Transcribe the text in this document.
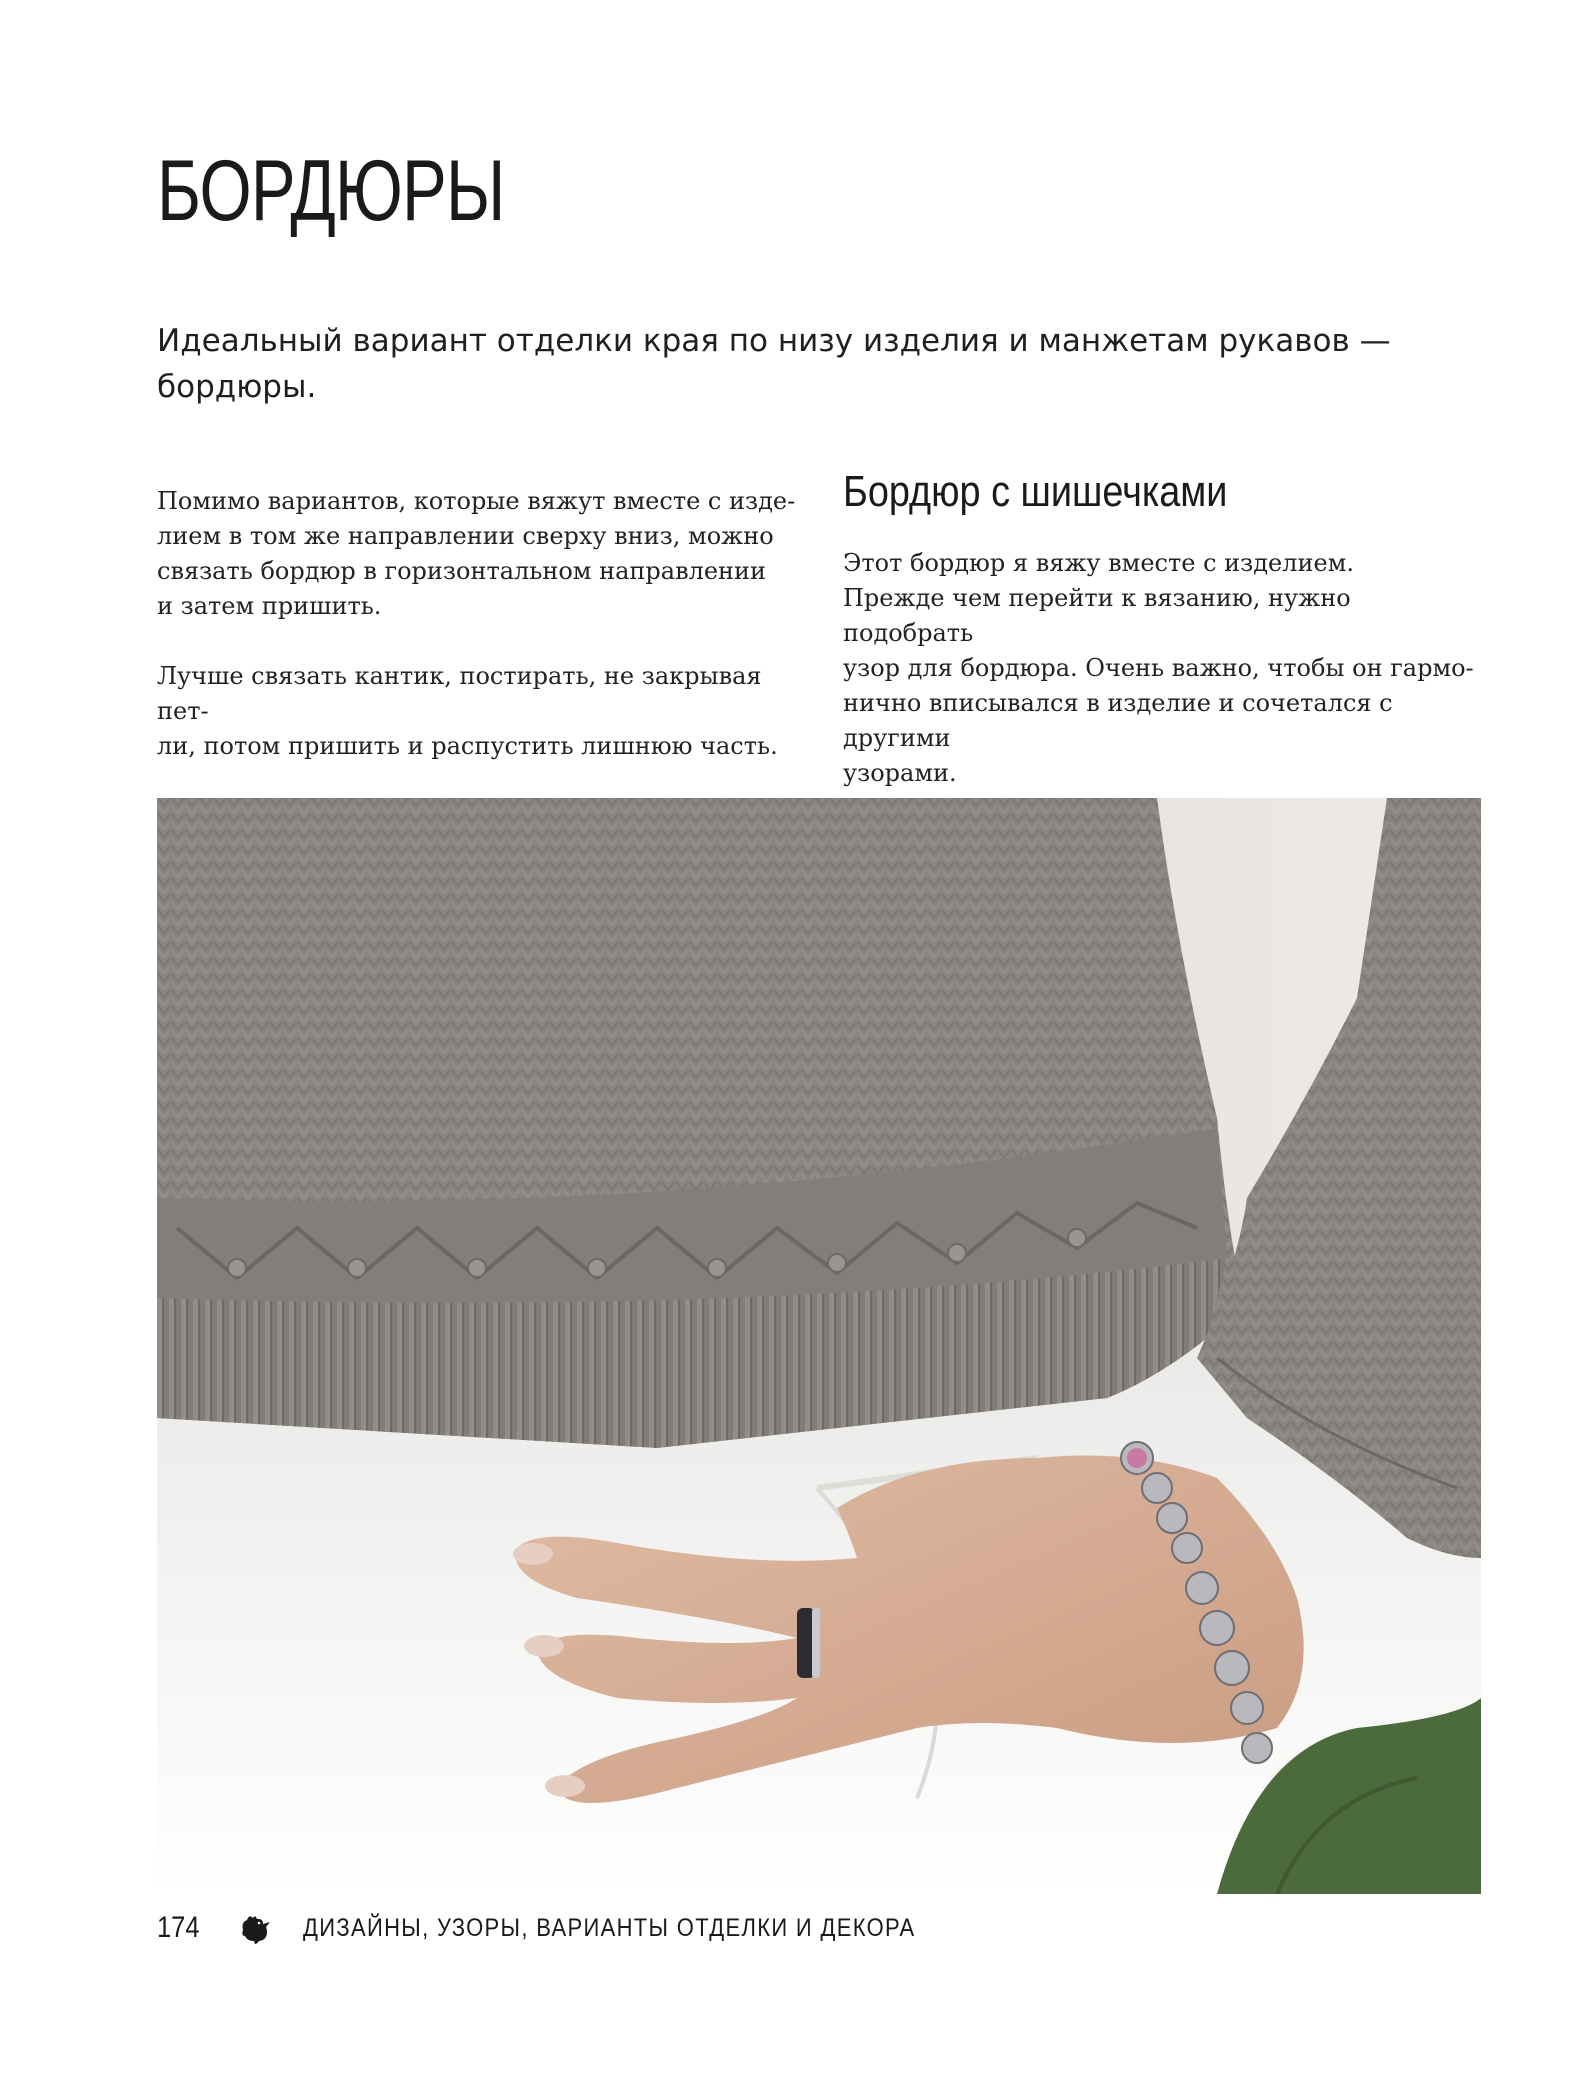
БОРДЮРЫ

Идеальный вариант отделки края по низу изделия и манжетам рукавов — бордюры.

Помимо вариантов, которые вяжут вместе с изде-
лием в том же направлении сверху вниз, можно
связать бордюр в горизонтальном направлении
и затем пришить.

Лучше связать кантик, постирать, не закрывая пет-
ли, потом пришить и распустить лишнюю часть.

Бордюр с шишечками

Этот бордюр я вяжу вместе с изделием.
Прежде чем перейти к вязанию, нужно подобрать
узор для бордюра. Очень важно, чтобы он гармо-
нично вписывался в изделие и сочетался с другими
узорами.

174	ДИЗАЙНЫ, УЗОРЫ, ВАРИАНТЫ ОТДЕЛКИ И ДЕКОРА
